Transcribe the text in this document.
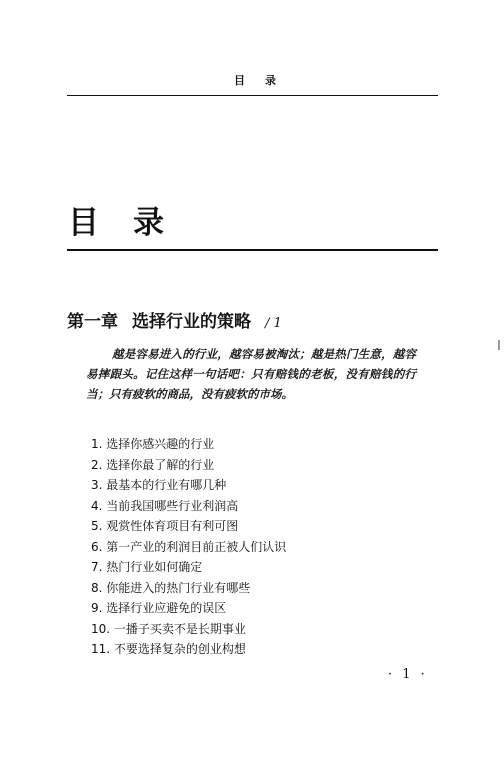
目录
目录
第一章 选择行业的策略 / 1
越是容易进入的行业，越容易被淘汰；越是热门生意，越容易摔跟头。记住这样一句话吧：只有赔钱的老板，没有赔钱的行当；只有疲软的商品，没有疲软的市场。
1. 选择你感兴趣的行业
2. 选择你最了解的行业
3. 最基本的行业有哪几种
4. 当前我国哪些行业利润高
5. 观赏性体育项目有利可图
6. 第一产业的利润目前正被人们认识
7. 热门行业如何确定
8. 你能进入的热门行业有哪些
9. 选择行业应避免的误区
10. 一播子买卖不是长期事业
11. 不要选择复杂的创业构想
· 1 ·
